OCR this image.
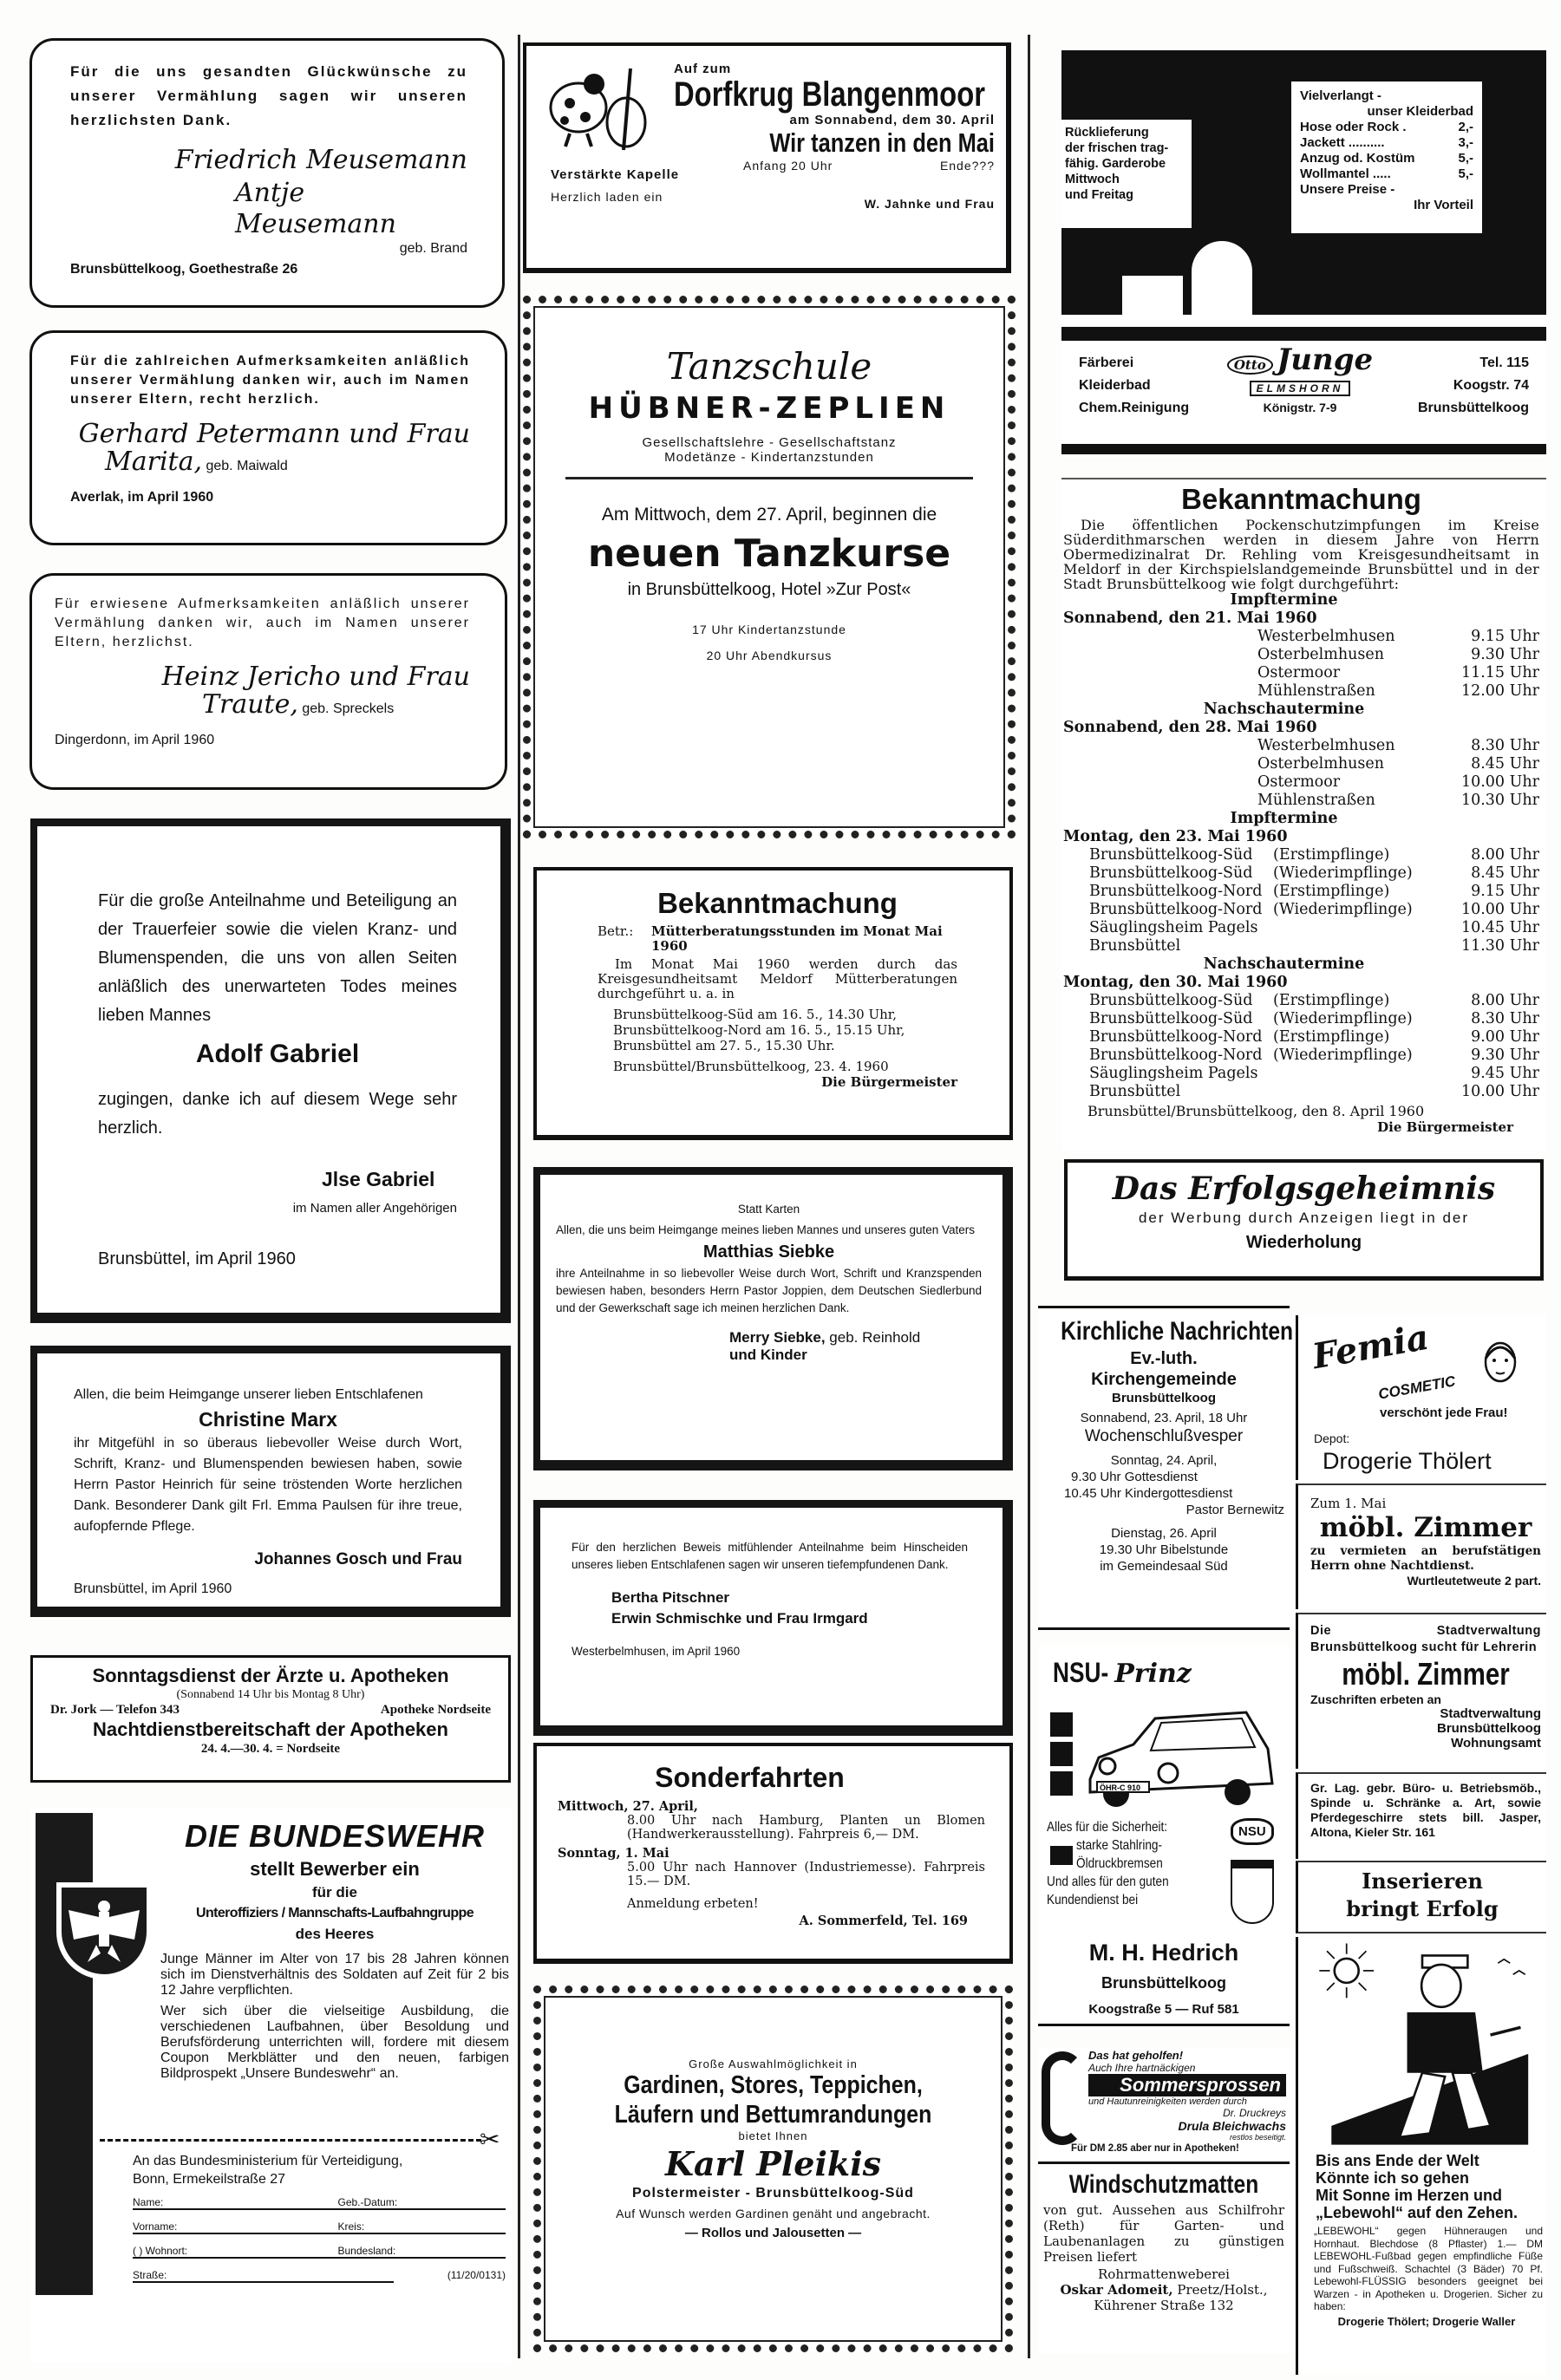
Für die uns gesandten Glückwünsche zu unserer Vermählung sagen wir unseren herzlichsten Dank.

Friedrich Meusemann

Antje Meusemann

geb. Brand

Brunsbüttelkoog, Goethestraße 26

Für die zahlreichen Aufmerksamkeiten anläßlich unserer Vermählung danken wir, auch im Namen unserer Eltern, recht herzlich.

Gerhard Petermann und Frau

Marita, geb. Maiwald

Averlak, im April 1960

Für erwiesene Aufmerksamkeiten anläßlich unserer Vermählung danken wir, auch im Namen unserer Eltern, herzlichst.

Heinz Jericho und Frau

Traute, geb. Spreckels

Dingerdonn, im April 1960

Für die große Anteilnahme und Beteiligung an der Trauerfeier sowie die vielen Kranz- und Blumenspenden, die uns von allen Seiten anläßlich des unerwarteten Todes meines lieben Mannes

Adolf Gabriel

zugingen, danke ich auf diesem Wege sehr herzlich.

Jlse Gabriel

im Namen aller Angehörigen

Brunsbüttel, im April 1960

Allen, die beim Heimgange unserer lieben Entschlafenen

Christine Marx

ihr Mitgefühl in so überaus liebevoller Weise durch Wort, Schrift, Kranz- und Blumenspenden bewiesen haben, sowie Herrn Pastor Heinrich für seine tröstenden Worte herzlichen Dank. Besonderer Dank gilt Frl. Emma Paulsen für ihre treue, aufopfernde Pflege.

Johannes Gosch und Frau

Brunsbüttel, im April 1960

Sonntagsdienst der Ärzte u. Apotheken

(Sonnabend 14 Uhr bis Montag 8 Uhr)

Dr. Jork — Telefon 343	Apotheke Nordseite

Nachtdienstbereitschaft der Apotheken

24. 4.—30. 4. = Nordseite

DIE BUNDESWEHR

stellt Bewerber ein

für die

Unteroffiziers / Mannschafts-Laufbahngruppe

des Heeres

Junge Männer im Alter von 17 bis 28 Jahren können sich im Dienstverhältnis des Soldaten auf Zeit für 2 bis 12 Jahre verpflichten.

Wer sich über die vielseitige Ausbildung, die verschiedenen Laufbahnen, über Besoldung und Berufsförderung unterrichten will, fordere mit diesem Coupon Merkblätter und den neuen, farbigen Bildprospekt „Unsere Bundeswehr“ an.

✂

An das Bundesministerium für Verteidigung,

Bonn, Ermekeilstraße 27

Name:	Geb.-Datum:
Vorname:	Kreis:
( ) Wohnort:	Bundesland:
Straße:	(11/20/0131)

Verstärkte Kapelle

Herzlich laden ein

Auf zum

Dorfkrug Blangenmoor

am Sonnabend, dem 30. April

Wir tanzen in den Mai

Anfang 20 Uhr	Ende???

W. Jahnke und Frau

Tanzschule

HÜBNER-ZEPLIEN

Gesellschaftslehre - Gesellschaftstanz

Modetänze - Kindertanzstunden

Am Mittwoch, dem 27. April, beginnen die

neuen Tanzkurse

in Brunsbüttelkoog, Hotel »Zur Post«

17 Uhr Kindertanzstunde

20 Uhr Abendkursus

Bekanntmachung

Betr.:	Mütterberatungsstunden im Monat Mai 1960

Im Monat Mai 1960 werden durch das Kreisgesundheitsamt Meldorf Mütterberatungen durchgeführt u. a. in

Brunsbüttelkoog-Süd am 16. 5., 14.30 Uhr,

Brunsbüttelkoog-Nord am 16. 5., 15.15 Uhr,

Brunsbüttel am 27. 5., 15.30 Uhr.

Brunsbüttel/Brunsbüttelkoog, 23. 4. 1960

Die Bürgermeister

Statt Karten

Allen, die uns beim Heimgange meines lieben Mannes und unseres guten Vaters

Matthias Siebke

ihre Anteilnahme in so liebevoller Weise durch Wort, Schrift und Kranzspenden bewiesen haben, besonders Herrn Pastor Joppien, dem Deutschen Siedlerbund und der Gewerkschaft sage ich meinen herzlichen Dank.

Merry Siebke, geb. Reinhold

und Kinder

Für den herzlichen Beweis mitfühlender Anteilnahme beim Hinscheiden unseres lieben Entschlafenen sagen wir unseren tiefempfundenen Dank.

Bertha Pitschner

Erwin Schmischke und Frau Irmgard

Westerbelmhusen, im April 1960

Sonderfahrten

Mittwoch, 27. April,

8.00 Uhr nach Hamburg, Planten un Blomen (Handwerkerausstellung). Fahrpreis 6,— DM.

Sonntag, 1. Mai

5.00 Uhr nach Hannover (Industriemesse). Fahrpreis 15.— DM.

Anmeldung erbeten!

A. Sommerfeld, Tel. 169

Große Auswahlmöglichkeit in

Gardinen, Stores, Teppichen, Läufern und Bettumrandungen

bietet Ihnen

Karl Pleikis

Polstermeister - Brunsbüttelkoog-Süd

Auf Wunsch werden Gardinen genäht und angebracht.

— Rollos und Jalousetten —

Rücklieferung

der frischen trag-

fähig. Garderobe

Mittwoch

und Freitag

Vielverlangt -

unser Kleiderbad

Hose oder Rock .	2,-
Jackett ..........	3,-
Anzug od. Kostüm	5,-
Wollmantel .....	5,-

Unsere Preise -

Ihr Vorteil

Färberei

Kleiderbad

Chem.Reinigung

Otto Junge

ELMSHORN

Königstr. 7-9

Tel. 115

Koogstr. 74

Brunsbüttelkoog

Bekanntmachung

Die öffentlichen Pockenschutzimpfungen im Kreise Süderdithmarschen werden in diesem Jahre von Herrn Obermedizinalrat Dr. Rehling vom Kreisgesundheitsamt in Meldorf in der Kirchspielslandgemeinde Brunsbüttel und in der Stadt Brunsbüttelkoog wie folgt durchgeführt:

Impftermine

Sonnabend, den 21. Mai 1960

Westerbelmhusen	9.15 Uhr
Osterbelmhusen	9.30 Uhr
Ostermoor	11.15 Uhr
Mühlenstraßen	12.00 Uhr

Nachschautermine

Sonnabend, den 28. Mai 1960

Westerbelmhusen	8.30 Uhr
Osterbelmhusen	8.45 Uhr
Ostermoor	10.00 Uhr
Mühlenstraßen	10.30 Uhr

Impftermine

Montag, den 23. Mai 1960

Brunsbüttelkoog-Süd (Erstimpflinge)	8.00 Uhr
Brunsbüttelkoog-Süd (Wiederimpflinge)	8.45 Uhr
Brunsbüttelkoog-Nord (Erstimpflinge)	9.15 Uhr
Brunsbüttelkoog-Nord (Wiederimpflinge)	10.00 Uhr
Säuglingsheim Pagels	10.45 Uhr
Brunsbüttel	11.30 Uhr

Nachschautermine

Montag, den 30. Mai 1960

Brunsbüttelkoog-Süd (Erstimpflinge)	8.00 Uhr
Brunsbüttelkoog-Süd (Wiederimpflinge)	8.30 Uhr
Brunsbüttelkoog-Nord (Erstimpflinge)	9.00 Uhr
Brunsbüttelkoog-Nord (Wiederimpflinge)	9.30 Uhr
Säuglingsheim Pagels	9.45 Uhr
Brunsbüttel	10.00 Uhr

Brunsbüttel/Brunsbüttelkoog, den 8. April 1960

Die Bürgermeister

Das Erfolgsgeheimnis

der Werbung durch Anzeigen liegt in der

Wiederholung

Kirchliche Nachrichten

Ev.-luth.

Kirchengemeinde

Brunsbüttelkoog

Sonnabend, 23. April, 18 Uhr

Wochenschlußvesper

Sonntag, 24. April,

9.30 Uhr Gottesdienst

10.45 Uhr Kindergottesdienst

Pastor Bernewitz

Dienstag, 26. April

19.30 Uhr Bibelstunde

im Gemeindesaal Süd

NSU- Prinz

ÖHR-C 910

Alles für die Sicherheit:

starke Stahlring-

Öldruckbremsen

Und alles für den guten

Kundendienst bei

NSU

M. H. Hedrich

Brunsbüttelkoog

Koogstraße 5 — Ruf 581

Das hat geholfen!

Auch Ihre hartnäckigen

Sommersprossen

und Hautunreinigkeiten werden durch

Dr. Druckreys

Drula Bleichwachs

restlos beseitigt.

Für DM 2.85 aber nur in Apotheken!

Windschutzmatten

von gut. Aussehen aus Schilfrohr (Reth) für Garten- und Laubenanlagen zu günstigen Preisen liefert

Rohrmattenweberei

Oskar Adomeit, Preetz/Holst.,

Kührener Straße 132

Femia

COSMETIC

verschönt jede Frau!

Depot:

Drogerie Thölert

Zum 1. Mai

möbl. Zimmer

zu vermieten an berufstätigen Herrn ohne Nachtdienst.

Wurtleutetweute 2 part.

Die Stadtverwaltung Brunsbüttelkoog sucht für Lehrerin

möbl. Zimmer

Zuschriften erbeten an

Stadtverwaltung

Brunsbüttelkoog

Wohnungsamt

Gr. Lag. gebr. Büro- u. Betriebsmöb., Spinde u. Schränke a. Art, sowie Pferdegeschirre stets bill. Jasper, Altona, Kieler Str. 161

Inserieren

bringt Erfolg

Bis ans Ende der Welt

Könnte ich so gehen

Mit Sonne im Herzen und

„Lebewohl“ auf den Zehen.

„LEBEWOHL“ gegen Hühneraugen und Hornhaut. Blechdose (8 Pflaster) 1.— DM LEBEWOHL-Fußbad gegen empfindliche Füße und Fußschweiß. Schachtel (3 Bäder) 70 Pf. Lebewohl-FLÜSSIG besonders geeignet bei Warzen - in Apotheken u. Drogerien. Sicher zu haben:

Drogerie Thölert; Drogerie Waller
